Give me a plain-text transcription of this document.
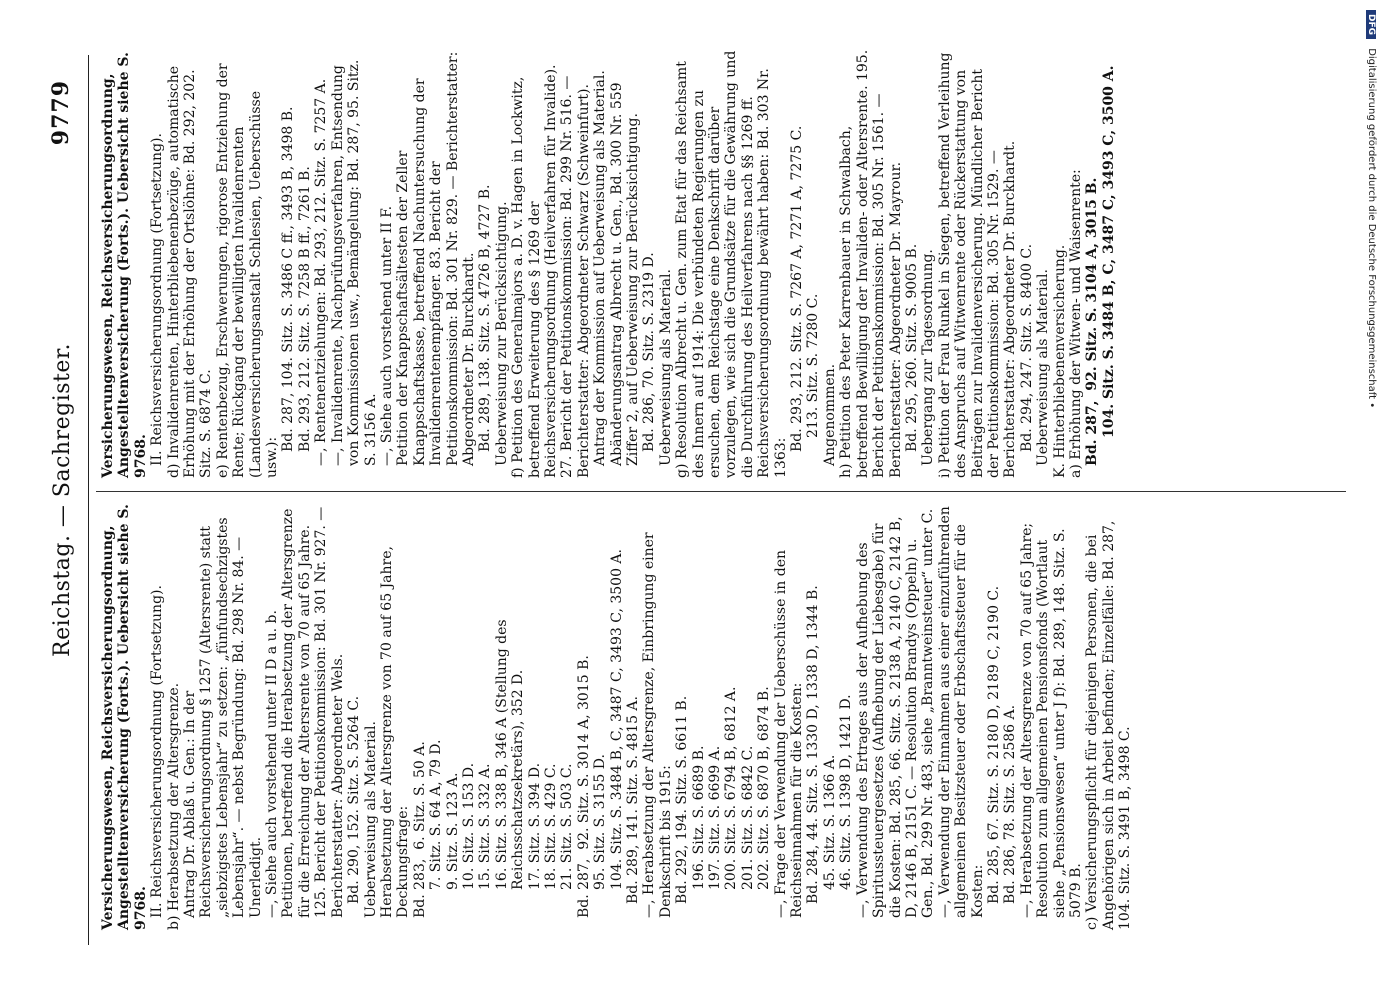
Reichstag. — Sachregister.
9779

Versicherungswesen, Reichsversicherungsordnung, Angestelltenversicherung (Forts.). Uebersicht siehe S. 9768. II. Reichsversicherungsordnung (Fortsetzung). b) Herabsetzung der Altersgrenze. Antrag Dr. Ablaß u. Gen.: In der Reichsversicherungsordnung § 1257 (Altersrente) statt „siebzigstes Lebensjahr“ zu setzen: „fünfundsechzigstes Lebensjahr“. — nebst Begründung: Bd. 298 Nr. 84. — Unerledigt. —, Siehe auch vorstehend unter II D a u. b. Petitionen, betreffend die Herabsetzung der Altersgrenze für die Erreichung der Altersrente von 70 auf 65 Jahre. 125. Bericht der Petitionskommission: Bd. 301 Nr. 927. — Berichterstatter: Abgeordneter Wels. Bd. 290, 152. Sitz. S. 5264 C. Ueberweisung als Material. Herabsetzung der Altersgrenze von 70 auf 65 Jahre, Deckungsfrage: Bd. 283,  6. Sitz. S. 50 A. 7. Sitz. S. 64 A, 79 D. 9. Sitz. S. 123 A. 10. Sitz. S. 153 D. 15. Sitz. S. 332 A. 16. Sitz. S. 338 B, 346 A (Stellung des Reichsschatzsekretärs), 352 D. 17. Sitz. S. 394 D. 18. Sitz. S. 429 C. 21. Sitz. S. 503 C. Bd. 287,  92. Sitz. S. 3014 A, 3015 B. 95. Sitz. S. 3155 D. 104. Sitz. S. 3484 B, C, 3487 C, 3493 C, 3500 A. Bd. 289, 141. Sitz. S. 4815 A. —, Herabsetzung der Altersgrenze, Einbringung einer Denkschrift bis 1915: Bd. 292, 194. Sitz. S. 6611 B. 196. Sitz. S. 6689 B. 197. Sitz. S. 6699 A. 200. Sitz. S. 6794 B, 6812 A. 201. Sitz. S. 6842 C. 202. Sitz. S. 6870 B, 6874 B. —, Frage der Verwendung der Ueberschüsse in den Reichseinnahmen für die Kosten: Bd. 284, 44. Sitz. S. 1330 D, 1338 D, 1344 B. 45. Sitz. S. 1366 A. 46. Sitz. S. 1398 D, 1421 D. —, Verwendung des Ertrages aus der Aufhebung des Spiritussteuergesetzes (Aufhebung der Liebesgabe) für die Kosten: Bd. 285, 66. Sitz. S. 2138 A, 2140 C, 2142 B, D, 2146 B, 2151 C. — Resolution Brandys (Oppeln) u. Gen., Bd. 299 Nr. 483, siehe „Branntweinsteuer“ unter C. —, Verwendung der Einnahmen aus einer einzuführenden allgemeinen Besitzsteuer oder Erbschaftssteuer für die Kosten: Bd. 285, 67. Sitz. S. 2180 D, 2189 C, 2190 C. Bd. 286, 78. Sitz. S. 2586 A. —, Herabsetzung der Altersgrenze von 70 auf 65 Jahre; Resolution zum allgemeinen Pensionsfonds (Wortlaut siehe „Pensionswesen“ unter J f): Bd. 289, 148. Sitz. S. 5079 B. c) Versicherungspflicht für diejenigen Personen, die bei Angehörigen sich in Arbeit befinden; Einzelfälle: Bd. 287, 104. Sitz. S. 3491 B, 3498 C.

Versicherungswesen, Reichsversicherungsordnung, Angestelltenversicherung (Forts.). Uebersicht siehe S. 9768. II. Reichsversicherungsordnung (Fortsetzung). d) Invalidenrenten, Hinterbliebenenbezüge, automatische Erhöhung mit der Erhöhung der Ortslöhne: Bd. 292, 202. Sitz. S. 6874 C. e) Rentenbezug, Erschwerungen, rigorose Entziehung der Rente; Rückgang der bewilligten Invalidenrenten (Landesversicherungsanstalt Schlesien, Ueberschüsse usw.):

Bd. 287, 104. Sitz. S. 3486 C ff., 3493 B, 3498 B. Bd. 293, 212. Sitz. S. 7258 B ff., 7261 B. —, Rentenentziehungen: Bd. 293, 212. Sitz. S. 7257 A. —, Invalidenrente, Nachprüfungsverfahren, Entsendung von Kommissionen usw., Bemängelung: Bd. 287, 95. Sitz. S. 3156 A. —, Siehe auch vorstehend unter II F. Petition der Knappschaftsältesten der Zeller Knappschaftskasse, betreffend Nachuntersuchung der Invalidenrentenempfänger. 83. Bericht der Petitionskommission: Bd. 301 Nr. 829. — Berichterstatter: Abgeordneter Dr. Burckhardt. Bd. 289, 138. Sitz. S. 4726 B, 4727 B. Ueberweisung zur Berücksichtigung. f) Petition des Generalmajors a. D. v. Hagen in Lockwitz, betreffend Erweiterung des § 1269 der Reichsversicherungsordnung (Heilverfahren für Invalide). 27. Bericht der Petitionskommission: Bd. 299 Nr. 516. — Berichterstatter: Abgeordneter Schwarz (Schweinfurt). Antrag der Kommission auf Ueberweisung als Material. Abänderungsantrag Albrecht u. Gen., Bd. 300 Nr. 559 Ziffer 2, auf Ueberweisung zur Berücksichtigung. Bd. 286, 70. Sitz. S. 2319 D. Ueberweisung als Material. g) Resolution Albrecht u. Gen. zum Etat für das Reichsamt des Innern auf 1914: Die verbündeten Regierungen zu ersuchen, dem Reichstage eine Denkschrift darüber vorzulegen, wie sich die Grundsätze für die Gewährung und die Durchführung des Heilverfahrens nach §§ 1269 ff. Reichsversicherungsordnung bewährt haben: Bd. 303 Nr. 1363:

Bd. 293, 212. Sitz. S. 7267 A, 7271 A, 7275 C. 213. Sitz. S. 7280 C. Angenommen. h) Petition des Peter Karrenbauer in Schwalbach, betreffend Bewilligung der Invaliden- oder Altersrente. 195. Bericht der Petitionskommission: Bd. 305 Nr. 1561. — Berichterstatter: Abgeordneter Dr. Mayrour. Bd. 295, 260. Sitz. S. 9005 B. Uebergang zur Tagesordnung. i) Petition der Frau Runkel in Siegen, betreffend Verleihung des Anspruchs auf Witwenrente oder Rückerstattung von Beiträgen zur Invalidenversicherung. Mündlicher Bericht der Petitionskommission: Bd. 305 Nr. 1529. — Berichterstatter: Abgeordneter Dr. Burckhardt. Bd. 294, 247. Sitz. S. 8400 C. Ueberweisung als Material. K. Hinterbliebenenversicherung. a) Erhöhung der Witwen- und Waisenrente: Bd. 287,  92. Sitz. S. 3104 A, 3015 B. 104. Sitz. S. 3484 B, C, 3487 C, 3493 C, 3500 A.

DFG Digitalisierung gefördert durch die Deutsche Forschungsgemeinschaft •
